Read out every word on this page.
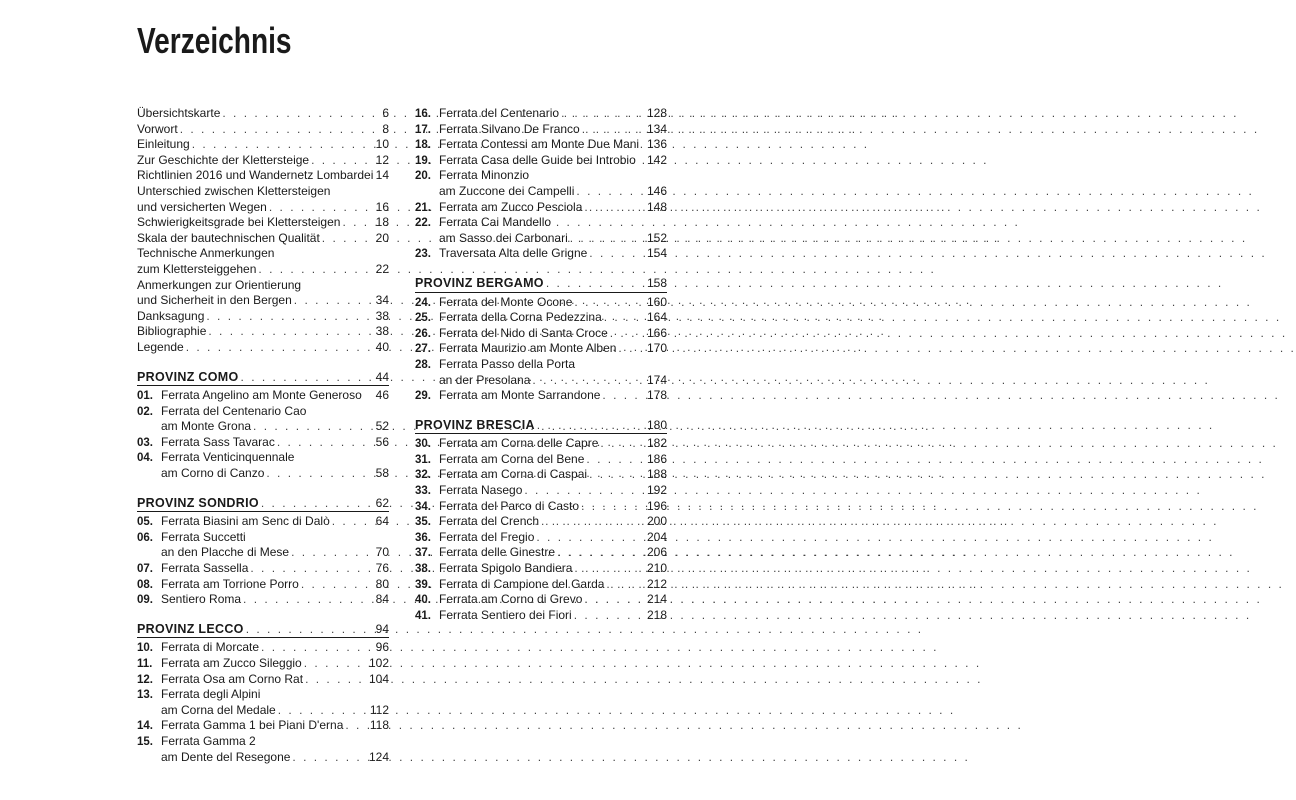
Verzeichnis
Übersichtskarte . . .	6
Vorwort . . .	8
Einleitung . . .	10
Zur Geschichte der Klettersteige . . .	12
Richtlinien 2016 und Wandernetz Lombardei 14
Unterschied zwischen Klettersteigen
und versicherten Wegen . . .	16
Schwierigkeitsgrade bei Klettersteigen . . .	18
Skala der bautechnischen Qualität . . .	20
Technische Anmerkungen
zum Klettersteiggehen . . .	22
Anmerkungen zur Orientierung
und Sicherheit in den Bergen . . .	34
Danksagung . . .	38
Bibliographie . . .	38
Legende . . .	40
PROVINZ COMO . . .	44
01. Ferrata Angelino am Monte Generoso 46
02. Ferrata del Centenario Cao
am Monte Grona . . .	52
03. Ferrata Sass Tavarac . . .	56
04. Ferrata Venticinquennale
am Corno di Canzo . . .	58
PROVINZ SONDRIO . . .	62
05. Ferrata Biasini am Senc di Dalò . . .	64
06. Ferrata Succetti
an den Placche di Mese . . .	70
07. Ferrata Sassella . . .	76
08. Ferrata am Torrione Porro . . .	80
09. Sentiero Roma . . .	84
PROVINZ LECCO . . .	94
10. Ferrata di Morcate . . .	96
11. Ferrata am Zucco Sileggio . . .	102
12. Ferrata Osa am Corno Rat . . .	104
13. Ferrata degli Alpini
am Corna del Medale . . .	112
14. Ferrata Gamma 1 bei Piani D'erna . . . 118
15. Ferrata Gamma 2
am Dente del Resegone . . .	124
16. Ferrata del Centenario . . .	128
17. Ferrata Silvano De Franco . . .	134
18. Ferrata Contessi am Monte Due Mani 136
19. Ferrata Casa delle Guide bei Introbio 142
20. Ferrata Minonzio
am Zuccone dei Campelli . . .	146
21. Ferrata am Zucco Pesciola . . .	148
22. Ferrata Cai Mandello
am Sasso dei Carbonari . . .	152
23. Traversata Alta delle Grigne . . .	154
PROVINZ BERGAMO . . .	158
24. Ferrata del Monte Ocone . . .	160
25. Ferrata della Corna Pedezzina . . .	164
26. Ferrata del Nido di Santa Croce . . .	166
27. Ferrata Maurizio am Monte Alben . . .	170
28. Ferrata Passo della Porta
an der Presolana . . .	174
29. Ferrata am Monte Sarrandone . . .	178
PROVINZ BRESCIA . . .	180
30. Ferrata am Corna delle Capre . . .	182
31. Ferrata am Corna del Bene . . .	186
32. Ferrata am Corna di Caspai . . .	188
33. Ferrata Nasego . . .	192
34. Ferrata del Parco di Casto . . .	196
35. Ferrata del Crench . . .	200
36. Ferrata del Fregio . . .	204
37. Ferrata delle Ginestre . . .	206
38. Ferrata Spigolo Bandiera . . .	210
39. Ferrata di Campione del Garda . . .	212
40. Ferrata am Corno di Grevo . . .	214
41. Ferrata Sentiero dei Fiori . . .	218
